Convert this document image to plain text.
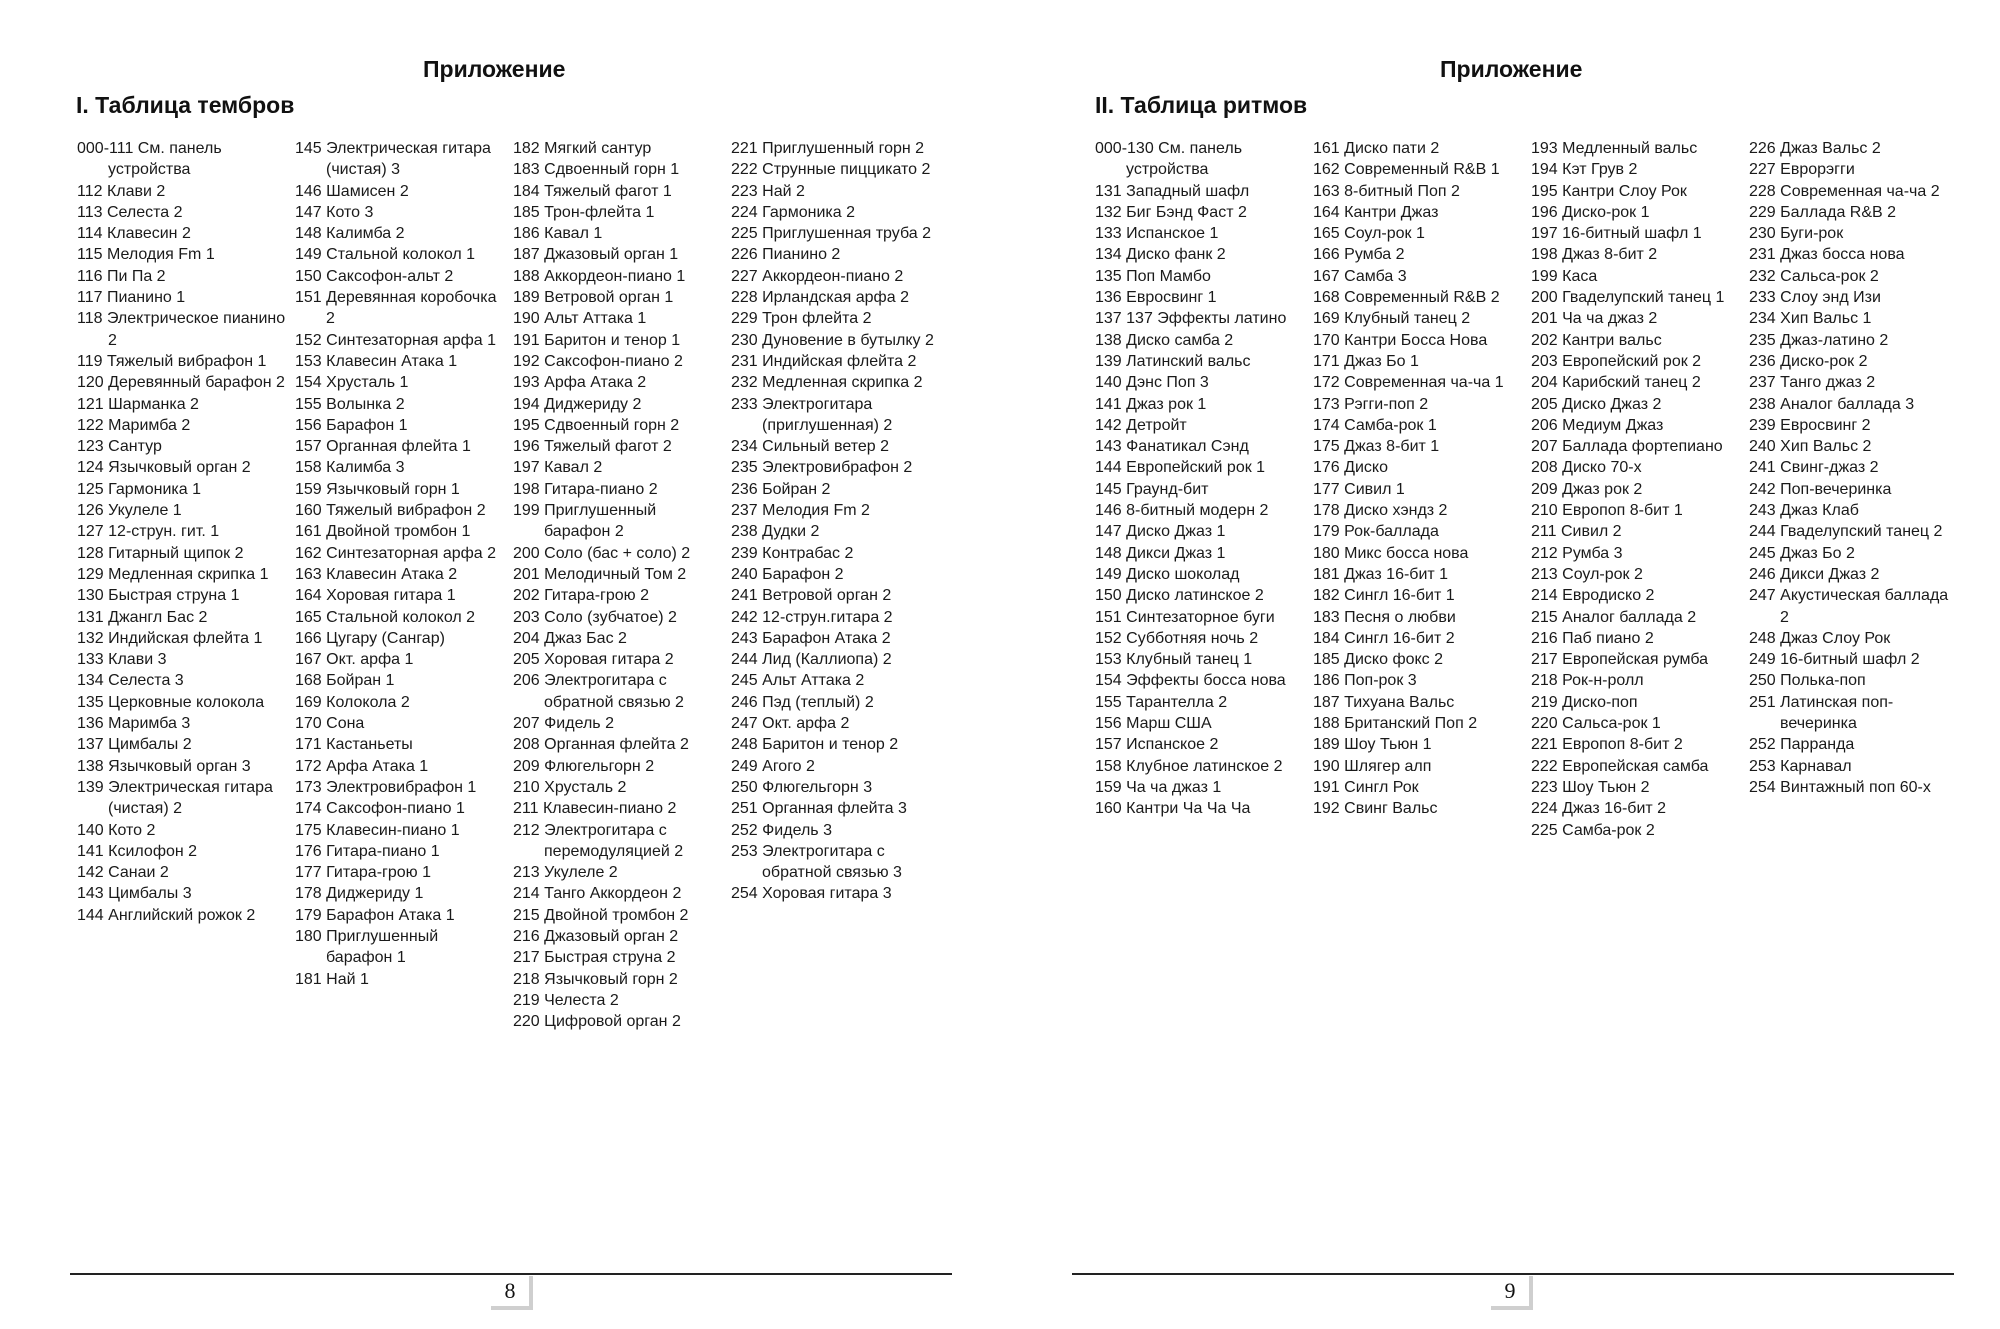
Приложение
I. Таблица тембров
000-111 См. панель устройства
112 Клави 2
113 Селеста 2
114 Клавесин 2
115 Мелодия Fm 1
116 Пи Па 2
117 Пианино 1
118 Электрическое пианино 2
119 Тяжелый вибрафон 1
120 Деревянный барафон 2
121 Шарманка 2
122 Маримба 2
123 Сантур
124 Язычковый орган 2
125 Гармоника 1
126 Укулеле 1
127 12-струн. гит. 1
128 Гитарный щипок 2
129 Медленная скрипка 1
130 Быстрая струна 1
131 Джангл Бас 2
132 Индийская флейта 1
133 Клави 3
134 Селеста 3
135 Церковные колокола
136 Маримба 3
137 Цимбалы 2
138 Язычковый орган 3
139 Электрическая гитара (чистая) 2
140 Кото 2
141 Ксилофон 2
142 Санаи 2
143 Цимбалы 3
144 Английский рожок 2
145 Электрическая гитара (чистая) 3
146 Шамисен 2
147 Кото 3
148 Калимба 2
149 Стальной колокол 1
150 Саксофон-альт 2
151 Деревянная коробочка 2
152 Синтезаторная арфа 1
153 Клавесин Атака 1
154 Хрусталь 1
155 Волынка 2
156 Барафон 1
157 Органная флейта 1
158 Калимба 3
159 Язычковый горн 1
160 Тяжелый вибрафон 2
161 Двойной тромбон 1
162 Синтезаторная арфа 2
163 Клавесин Атака 2
164 Хоровая гитара 1
165 Стальной колокол 2
166 Цугару (Сангар)
167 Окт. арфа 1
168 Бойран 1
169 Колокола 2
170 Сона
171 Кастаньеты
172 Арфа Атака 1
173 Электровибрафон 1
174 Саксофон-пиано 1
175 Клавесин-пиано 1
176 Гитара-пиано 1
177 Гитара-грою 1
178 Диджериду 1
179 Барафон Атака 1
180 Приглушенный барафон 1
181 Най 1
182 Мягкий сантур
183 Сдвоенный горн 1
184 Тяжелый фагот 1
185 Трон-флейта 1
186 Кавал 1
187 Джазовый орган 1
188 Аккордеон-пиано 1
189 Ветровой орган 1
190 Альт Аттака 1
191 Баритон и тенор 1
192 Саксофон-пиано 2
193 Арфа Атака 2
194 Диджериду 2
195 Сдвоенный горн 2
196 Тяжелый фагот 2
197 Кавал 2
198 Гитара-пиано 2
199 Приглушенный барафон 2
200 Соло (бас + соло) 2
201 Мелодичный Том 2
202 Гитара-грою 2
203 Соло (зубчатое) 2
204 Джаз Бас 2
205 Хоровая гитара 2
206 Электрогитара с обратной связью 2
207 Фидель 2
208 Органная флейта 2
209 Флюгельгорн 2
210 Хрусталь 2
211 Клавесин-пиано 2
212 Электрогитара с перемодуляцией 2
213 Укулеле 2
214 Танго Аккордеон 2
215 Двойной тромбон 2
216 Джазовый орган 2
217 Быстрая струна 2
218 Язычковый горн 2
219 Челеста 2
220 Цифровой орган 2
221 Приглушенный горн 2
222 Струнные пиццикато 2
223 Най 2
224 Гармоника 2
225 Приглушенная труба 2
226 Пианино 2
227 Аккордеон-пиано 2
228 Ирландская арфа 2
229 Трон флейта 2
230 Дуновение в бутылку 2
231 Индийская флейта 2
232 Медленная скрипка 2
233 Электрогитара (приглушенная) 2
234 Сильный ветер 2
235 Электровибрафон 2
236 Бойран 2
237 Мелодия Fm 2
238 Дудки 2
239 Контрабас 2
240 Барафон 2
241 Ветровой орган 2
242 12-струн.гитара 2
243 Барафон Атака 2
244 Лид (Каллиопа) 2
245 Альт Аттака 2
246 Пэд (теплый) 2
247 Окт. арфа 2
248 Баритон и тенор 2
249 Агого 2
250 Флюгельгорн 3
251 Органная флейта 3
252 Фидель 3
253 Электрогитара с обратной связью 3
254 Хоровая гитара 3
8
Приложение
II. Таблица ритмов
000-130 См. панель устройства
131 Западный шафл
132 Биг Бэнд Фаст 2
133 Испанское 1
134 Диско фанк 2
135 Поп Мамбо
136 Евросвинг 1
137 137 Эффекты латино
138 Диско самба 2
139 Латинский вальс
140 Дэнс Поп 3
141 Джаз рок 1
142 Детройт
143 Фанатикал Сэнд
144 Европейский рок 1
145 Граунд-бит
146 8-битный модерн 2
147 Диско Джаз 1
148 Дикси Джаз 1
149 Диско шоколад
150 Диско латинское 2
151 Синтезаторное буги
152 Субботняя ночь 2
153 Клубный танец 1
154 Эффекты босса нова
155 Тарантелла 2
156 Марш США
157 Испанское 2
158 Клубное латинское 2
159 Ча ча джаз 1
160 Кантри Ча Ча Ча
161 Диско пати 2
162 Современный R&B 1
163 8-битный Поп 2
164 Кантри Джаз
165 Соул-рок 1
166 Румба 2
167 Самба 3
168 Современный R&B 2
169 Клубный танец 2
170 Кантри Босса Нова
171 Джаз Бо 1
172 Современная ча-ча 1
173 Рэгги-поп 2
174 Самба-рок 1
175 Джаз 8-бит 1
176 Диско
177 Сивил 1
178 Диско хэндз 2
179 Рок-баллада
180 Микс босса нова
181 Джаз 16-бит 1
182 Сингл 16-бит 1
183 Песня о любви
184 Сингл 16-бит 2
185 Диско фокс 2
186 Поп-рок 3
187 Тихуана Вальс
188 Британский Поп 2
189 Шоу Тьюн 1
190 Шлягер алп
191 Сингл Рок
192 Свинг Вальс
193 Медленный вальс
194 Кэт Грув 2
195 Кантри Слоу Рок
196 Диско-рок 1
197 16-битный шафл 1
198 Джаз 8-бит 2
199 Каса
200 Гваделупский танец 1
201 Ча ча джаз 2
202 Кантри вальс
203 Европейский рок 2
204 Карибский танец 2
205 Диско Джаз 2
206 Медиум Джаз
207 Баллада фортепиано
208 Диско 70-х
209 Джаз рок 2
210 Европоп 8-бит 1
211 Сивил 2
212 Румба 3
213 Соул-рок 2
214 Евродиско 2
215 Аналог баллада 2
216 Паб пиано 2
217 Европейская румба
218 Рок-н-ролл
219 Диско-поп
220 Сальса-рок 1
221 Европоп 8-бит 2
222 Европейская самба
223 Шоу Тьюн 2
224 Джаз 16-бит 2
225 Самба-рок 2
226 Джаз Вальс 2
227 Еврорэгги
228 Современная ча-ча 2
229 Баллада R&B 2
230 Буги-рок
231 Джаз босса нова
232 Сальса-рок 2
233 Слоу энд Изи
234 Хип Вальс 1
235 Джаз-латино 2
236 Диско-рок 2
237 Танго джаз 2
238 Аналог баллада 3
239 Евросвинг 2
240 Хип Вальс 2
241 Свинг-джаз 2
242 Поп-вечеринка
243 Джаз Клаб
244 Гваделупский танец 2
245 Джаз Бо 2
246 Дикси Джаз 2
247 Акустическая баллада 2
248 Джаз Слоу Рок
249 16-битный шафл 2
250 Полька-поп
251 Латинская поп-вечеринка
252 Парранда
253 Карнавал
254 Винтажный поп 60-х
9
